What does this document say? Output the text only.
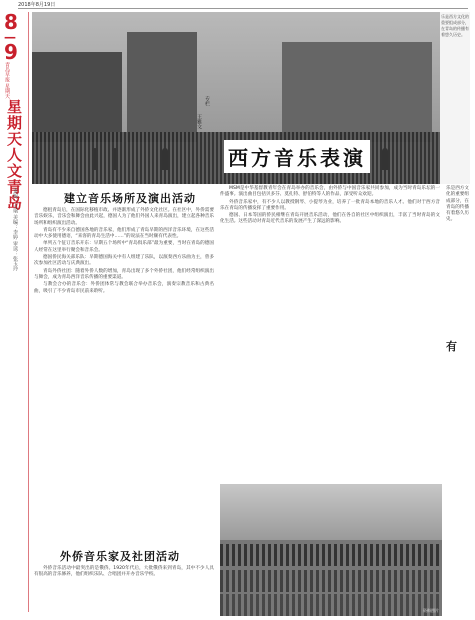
2018年8月19日
8
—
9
青岛早报 星期天
星期天
人文青岛
责编：王瑞 美编：李婷 审读：张玉玲
乐是西方文化的重要组成部分，在青岛的传播有着悠久历史。
专栏
王雅文
西方音乐表演
建立音乐场所及演出活动

德租青岛后，在国际化移植市政、并逐渐形成了外侨文化社区。在社区中，外侨需要音乐娱乐，音乐会和舞会由此兴起，德国人为了他们外国人来青岛演出，建立起各种音乐场所和组织演出活动。

青岛有不少来自德国各地的音乐家，他们形成了青岛早期的西洋音乐环境，在这些活动中大多使用德语，“来客的青岛生活中……”的说法在当时颇有代表性。

单列五个征订音乐开东：早期五个场所中“青岛俱乐部”最为重要，当时在青岛的德国人经常在这里举行聚会和音乐会。

德国侨民海关部乐队：早期德国海关中有人组建了乐队，以演奏西方乐曲为主，曾多次参加社区活动与庆典演出。

青岛外侨社团：随着外侨人数的增加，青岛出现了多个外侨社团，他们经常组织演出与舞会，成为青岛西洋音乐传播的重要渠道。

与教会合办的音乐会：外侨团体常与教会联合举办音乐会，演奏宗教音乐和古典名曲，吸引了不少青岛市民前来聆听。

外侨音乐家及社团活动

外侨音乐活动中最突出的是俄侨。1920年代后，大批俄侨来到青岛，其中不少人具有很高的音乐修养，他们组织乐队、合唱团并开办音乐学校。

MSM是中华基督教青年会在青岛举办的音乐会，由外侨与中国音乐家共同参加，成为当时青岛乐坛的一件盛事。演出曲目包括贝多芬、莫扎特、舒伯特等人的作品，深受听众欢迎。

外侨音乐家中，有不少人以教授钢琴、小提琴为业，培养了一批青岛本地的音乐人才。他们对于西方音乐在青岛的传播发挥了重要作用。

德国、日本等国的侨民相继在青岛开展音乐活动，他们在各自的社区中组织演出，丰富了当时青岛的文化生活。这些活动对青岛近代音乐的发展产生了深远的影响。

资料图片

乐是西方文化的重要组成部分，在青岛的传播有着悠久历史。

有
